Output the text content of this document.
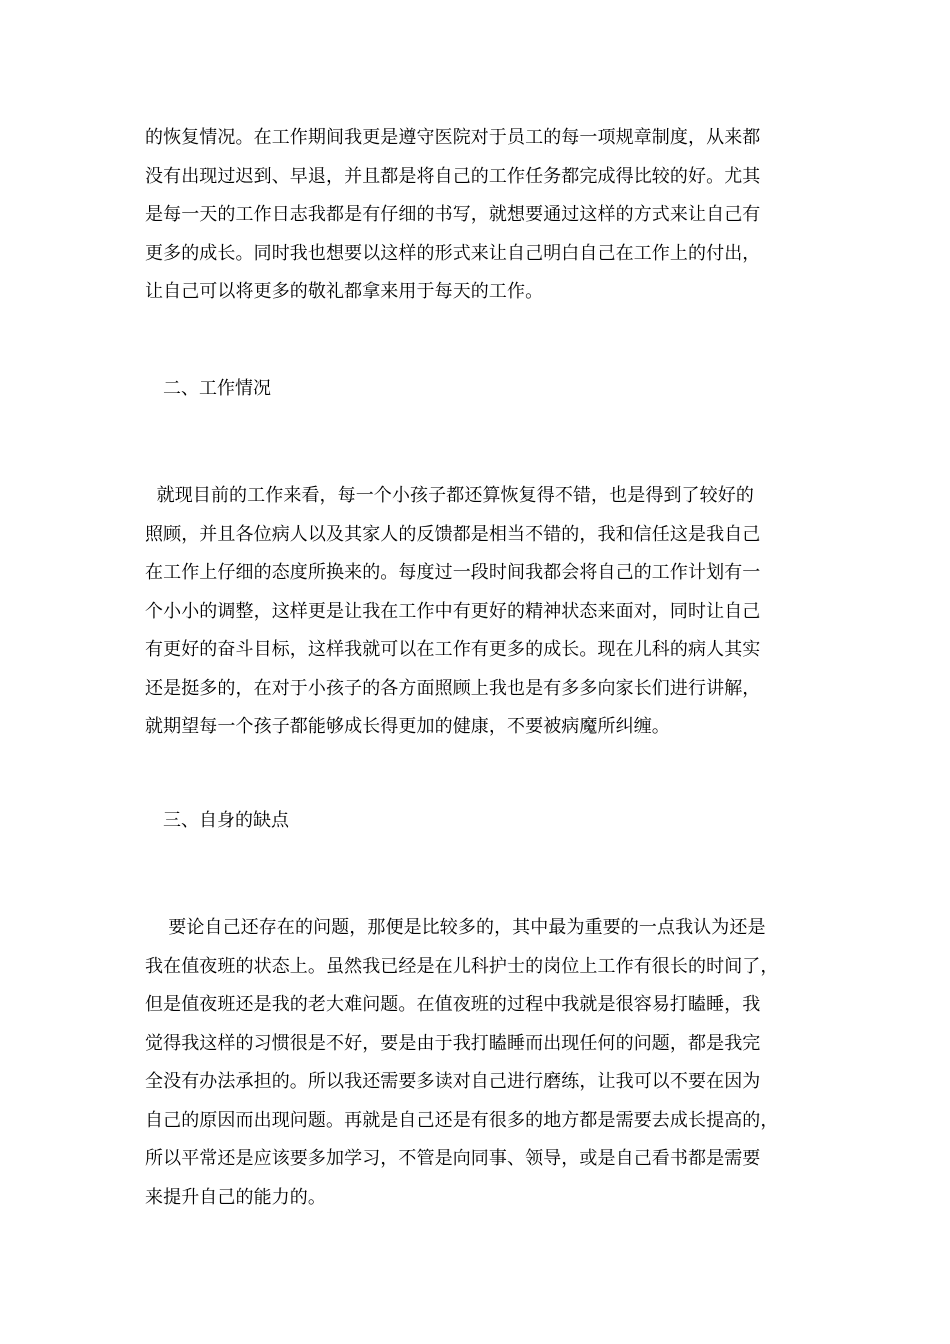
的恢复情况。在工作期间我更是遵守医院对于员工的每一项规章制度，从来都
没有出现过迟到、早退，并且都是将自己的工作任务都完成得比较的好。尤其
是每一天的工作日志我都是有仔细的书写，就想要通过这样的方式来让自己有
更多的成长。同时我也想要以这样的形式来让自己明白自己在工作上的付出，
让自己可以将更多的敬礼都拿来用于每天的工作。
二、工作情况
就现目前的工作来看，每一个小孩子都还算恢复得不错，也是得到了较好的
照顾，并且各位病人以及其家人的反馈都是相当不错的，我和信任这是我自己
在工作上仔细的态度所换来的。每度过一段时间我都会将自己的工作计划有一
个小小的调整，这样更是让我在工作中有更好的精神状态来面对，同时让自己
有更好的奋斗目标，这样我就可以在工作有更多的成长。现在儿科的病人其实
还是挺多的，在对于小孩子的各方面照顾上我也是有多多向家长们进行讲解，
就期望每一个孩子都能够成长得更加的健康，不要被病魔所纠缠。
三、自身的缺点
要论自己还存在的问题，那便是比较多的，其中最为重要的一点我认为还是
我在值夜班的状态上。虽然我已经是在儿科护士的岗位上工作有很长的时间了，
但是值夜班还是我的老大难问题。在值夜班的过程中我就是很容易打瞌睡，我
觉得我这样的习惯很是不好，要是由于我打瞌睡而出现任何的问题，都是我完
全没有办法承担的。所以我还需要多读对自己进行磨练，让我可以不要在因为
自己的原因而出现问题。再就是自己还是有很多的地方都是需要去成长提高的，
所以平常还是应该要多加学习，不管是向同事、领导，或是自己看书都是需要
来提升自己的能力的。
